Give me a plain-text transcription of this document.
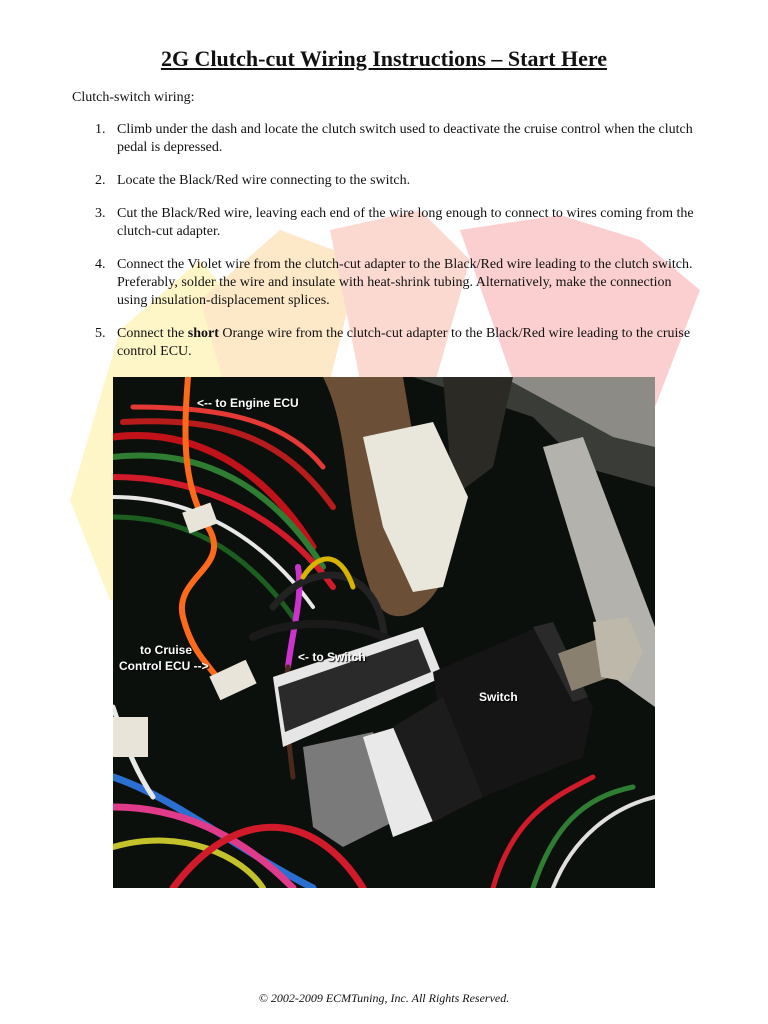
2G Clutch-cut Wiring Instructions – Start Here
Clutch-switch wiring:
1. Climb under the dash and locate the clutch switch used to deactivate the cruise control when the clutch pedal is depressed.
2. Locate the Black/Red wire connecting to the switch.
3. Cut the Black/Red wire, leaving each end of the wire long enough to connect to wires coming from the clutch-cut adapter.
4. Connect the Violet wire from the clutch-cut adapter to the Black/Red wire leading to the clutch switch. Preferably, solder the wire and insulate with heat-shrink tubing. Alternatively, make the connection using insulation-displacement splices.
5. Connect the short Orange wire from the clutch-cut adapter to the Black/Red wire leading to the cruise control ECU.
<-- to Engine ECU
to Cruise
Control ECU -->
<- to Switch
Switch
© 2002-2009 ECMTuning, Inc. All Rights Reserved.
